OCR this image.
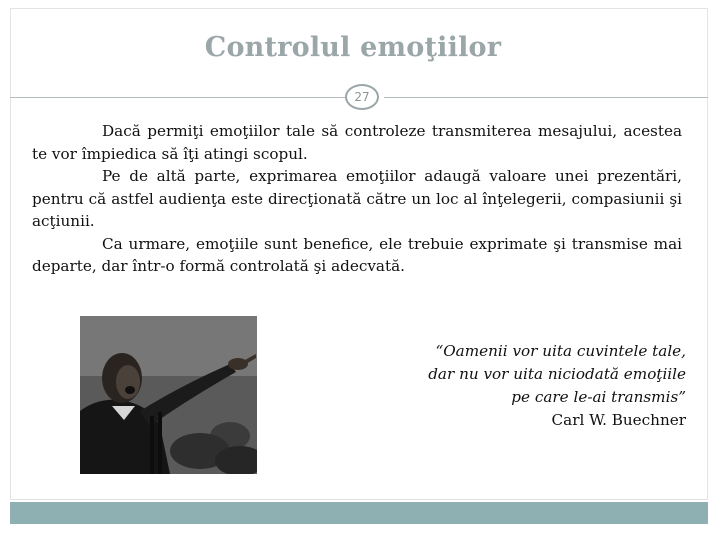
Controlul emoţiilor
27

Dacă permiţi emoţiilor tale să controleze transmiterea mesajului, acestea te vor împiedica să îţi atingi scopul.

Pe de altă parte, exprimarea emoţiilor adaugă valoare unei prezentări, pentru că astfel audienţa este direcţionată către un loc al înţelegerii, compasiunii şi acţiunii.

Ca urmare, emoţiile sunt benefice, ele trebuie exprimate şi transmise mai departe, dar într-o formă controlată şi adecvată.

“Oamenii vor uita cuvintele tale,
dar nu vor uita niciodată emoţiile
pe care le-ai transmis”
Carl W. Buechner
